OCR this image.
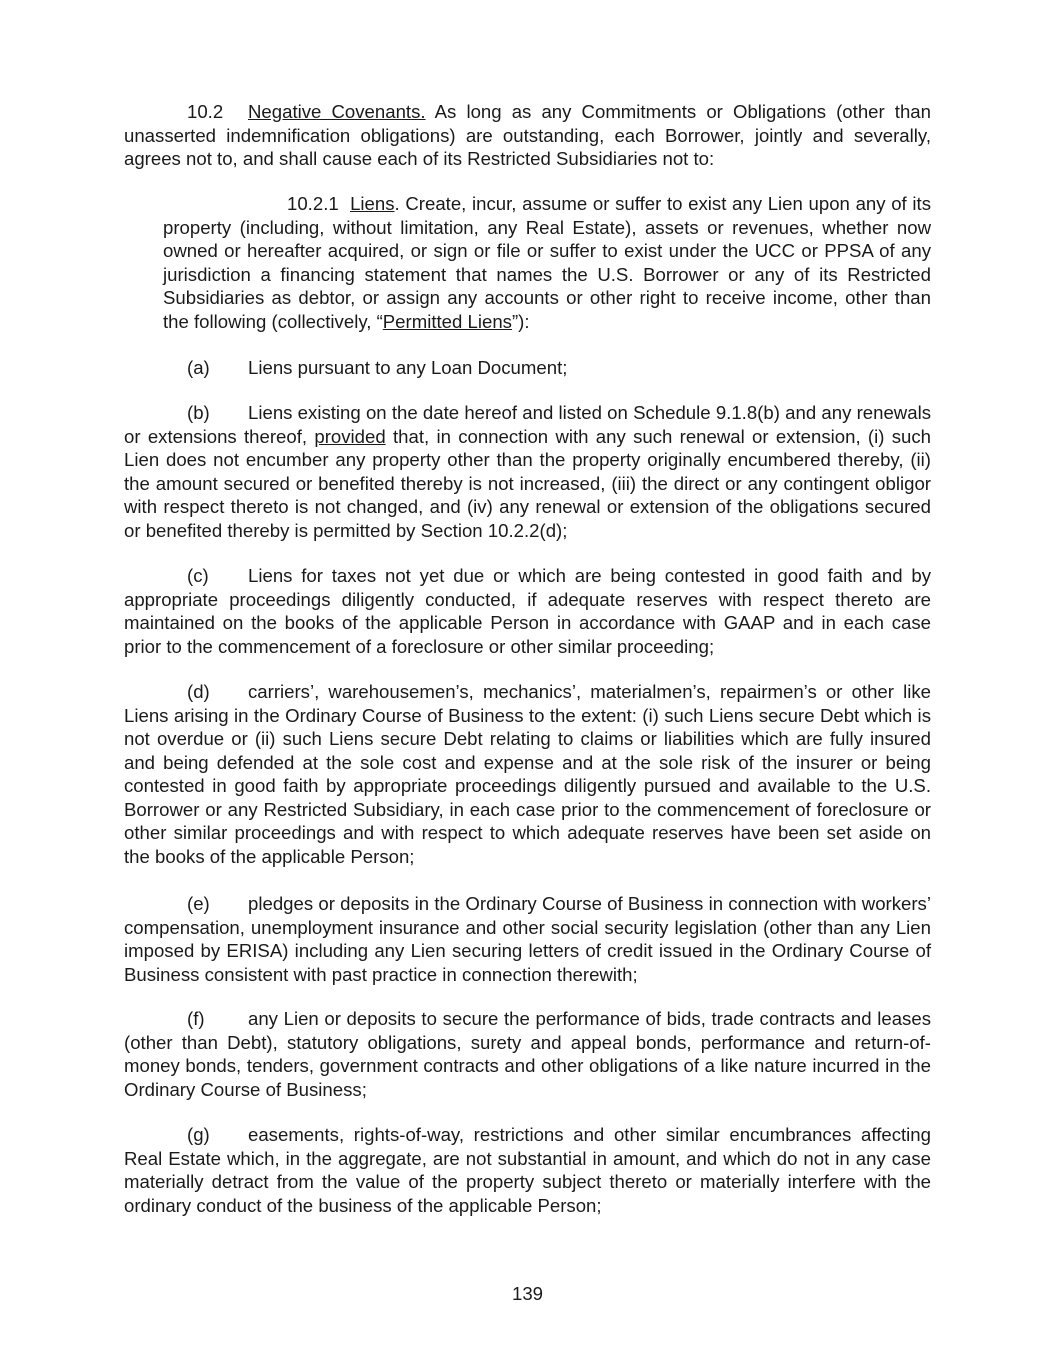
10.2 Negative Covenants. As long as any Commitments or Obligations (other than unasserted indemnification obligations) are outstanding, each Borrower, jointly and severally, agrees not to, and shall cause each of its Restricted Subsidiaries not to:

10.2.1 Liens. Create, incur, assume or suffer to exist any Lien upon any of its property (including, without limitation, any Real Estate), assets or revenues, whether now owned or hereafter acquired, or sign or file or suffer to exist under the UCC or PPSA of any jurisdiction a financing statement that names the U.S. Borrower or any of its Restricted Subsidiaries as debtor, or assign any accounts or other right to receive income, other than the following (collectively, “Permitted Liens”):

(a) Liens pursuant to any Loan Document;

(b) Liens existing on the date hereof and listed on Schedule 9.1.8(b) and any renewals or extensions thereof, provided that, in connection with any such renewal or extension, (i) such Lien does not encumber any property other than the property originally encumbered thereby, (ii) the amount secured or benefited thereby is not increased, (iii) the direct or any contingent obligor with respect thereto is not changed, and (iv) any renewal or extension of the obligations secured or benefited thereby is permitted by Section 10.2.2(d);

(c) Liens for taxes not yet due or which are being contested in good faith and by appropriate proceedings diligently conducted, if adequate reserves with respect thereto are maintained on the books of the applicable Person in accordance with GAAP and in each case prior to the commencement of a foreclosure or other similar proceeding;

(d) carriers’, warehousemen’s, mechanics’, materialmen’s, repairmen’s or other like Liens arising in the Ordinary Course of Business to the extent: (i) such Liens secure Debt which is not overdue or (ii) such Liens secure Debt relating to claims or liabilities which are fully insured and being defended at the sole cost and expense and at the sole risk of the insurer or being contested in good faith by appropriate proceedings diligently pursued and available to the U.S. Borrower or any Restricted Subsidiary, in each case prior to the commencement of foreclosure or other similar proceedings and with respect to which adequate reserves have been set aside on the books of the applicable Person;

(e) pledges or deposits in the Ordinary Course of Business in connection with workers’ compensation, unemployment insurance and other social security legislation (other than any Lien imposed by ERISA) including any Lien securing letters of credit issued in the Ordinary Course of Business consistent with past practice in connection therewith;

(f) any Lien or deposits to secure the performance of bids, trade contracts and leases (other than Debt), statutory obligations, surety and appeal bonds, performance and return-of-money bonds, tenders, government contracts and other obligations of a like nature incurred in the Ordinary Course of Business;

(g) easements, rights-of-way, restrictions and other similar encumbrances affecting Real Estate which, in the aggregate, are not substantial in amount, and which do not in any case materially detract from the value of the property subject thereto or materially interfere with the ordinary conduct of the business of the applicable Person;

139
